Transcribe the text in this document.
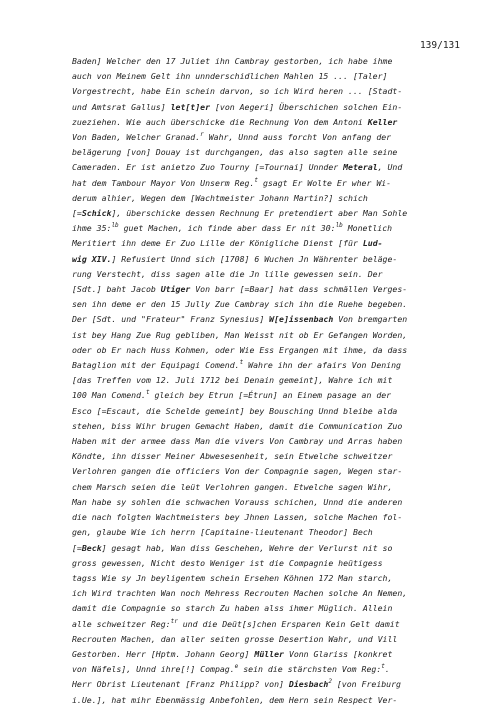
139/131
Baden] Welcher den 17 Juliet ihn Cambray gestorben, ich habe ihme
auch von Meinem Gelt ihn unnderschidlichen Mahlen 15 ... [Taler]
Vorgestrecht, habe Ein schein darvon, so ich Wird heren ... [Stadt-
und Amtsrat Gallus] let[t]er [von Aegeri] Überschichen solchen Ein-
zueziehen. Wie auch überschicke die Rechnung Von dem Antoni Keller
Von Baden, Welcher Granad.$^r$ Wahr, Unnd auss forcht Von anfang der
belägerung [von] Douay ist durchgangen, das also sagten alle seine
Cameraden. Er ist anietzo Zuo Tourny [=Tournai] Unnder Meteral, Und
hat dem Tambour Mayor Von Unserm Reg.$^t$ gsagt Er Wolte Er wher Wi-
derum alhier, Wegen dem [Wachtmeister Johann Martin?] schich
[=Schick], überschicke dessen Rechnung Er pretendiert aber Man Sohle
ihme 35:$^{lb}$ guet Machen, ich finde aber dass Er nit 30:$^{lb}$ Monetlich
Meritiert ihn deme Er Zuo Lille der Königliche Dienst [für Lud-
wig XIV.] Refusiert Unnd sich [1708] 6 Wuchen Jn Währenter beläge-
rung Verstecht, diss sagen alle die Jn lille gewessen sein. Der
[Sdt.] baht Jacob Utiger Von barr [=Baar] hat dass schmällen Verges-
sen ihn deme er den 15 Jully Zue Cambray sich ihn die Ruehe begeben.
Der [Sdt. und "Frateur" Franz Synesius] W[e]issenbach Von bremgarten
ist bey Hang Zue Rug gebliben, Man Weisst nit ob Er Gefangen Worden,
oder ob Er nach Huss Kohmen, oder Wie Ess Ergangen mit ihme, da dass
Bataglion mit der Equipagi Comend.$^t$ Wahre ihn der afairs Von Dening
[das Treffen vom 12. Juli 1712 bei Denain gemeint], Wahre ich mit
100 Man Comend.$^t$ gleich bey Etrun [=Étrun] an Einem pasage an der
Esco [=Escaut, die Schelde gemeint] bey Bousching Unnd bleibe alda
stehen, biss Wihr brugen Gemacht Haben, damit die Communication Zuo
Haben mit der armee dass Man die vivers Von Cambray und Arras haben
Köndte, ihn disser Meiner Abwesesenheit, sein Etwelche schweitzer
Verlohren gangen die officiers Von der Compagnie sagen, Wegen star-
chem Marsch seien die leüt Verlohren gangen. Etwelche sagen Wihr,
Man habe sy sohlen die schwachen Vorauss schichen, Unnd die anderen
die nach folgten Wachtmeisters bey Jhnen Lassen, solche Machen fol-
gen, glaube Wie ich herrn [Capitaine-lieutenant Theodor] Bech
[=Beck] gesagt hab, Wan diss Geschehen, Wehre der Verlurst nit so
gross gewessen, Nicht desto Weniger ist die Compagnie heütigess
tagss Wie sy Jn beyligentem schein Ersehen Köhnen 172 Man starch,
ich Wird trachten Wan noch Mehress Recrouten Machen solche An Nemen,
damit die Compagnie so starch Zu haben alss ihmer Müglich. Allein
alle schweitzer Reg:$^{tr}$ und die Deüt[s]chen Ersparen Kein Gelt damit
Recrouten Machen, dan aller seiten grosse Desertion Wahr, und Vill
Gestorben. Herr [Hptm. Johann Georg] Müller Vonn Glariss [konkret
von Näfels], Unnd ihre[!] Compag.$^e$ sein die stärchsten Vom Reg:$^t$.
Herr Obrist Lieutenant [Franz Philipp? von] Diesbach$^2$ [von Freiburg
i.Ue.], hat mihr Ebenmässig Anbefohlen, dem Hern sein Respect Ver-
